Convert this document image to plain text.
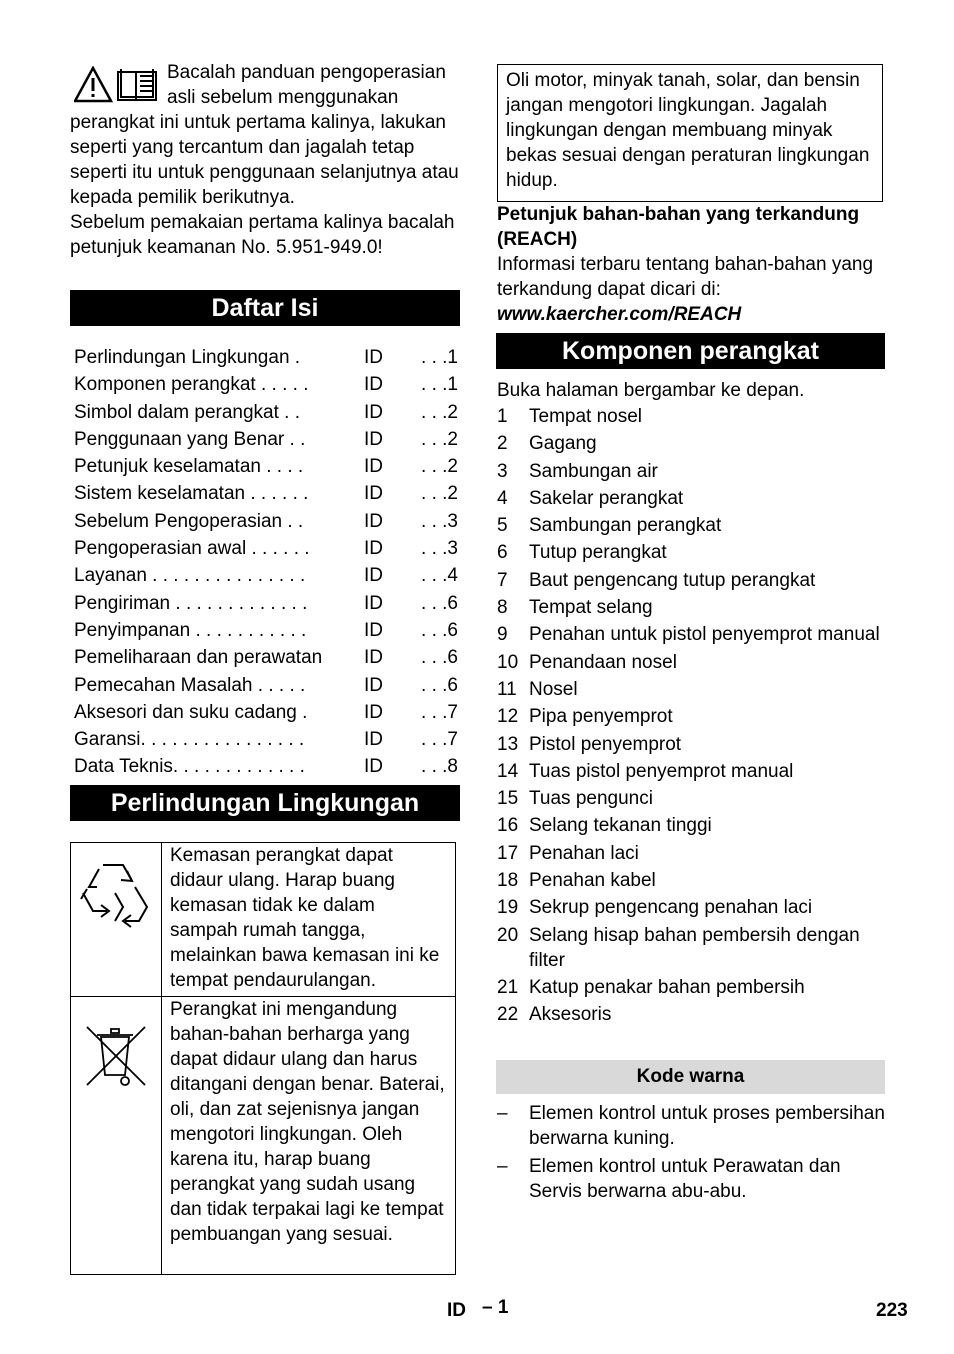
Bacalah panduan pengoperasian
asli sebelum menggunakan
perangkat ini untuk pertama kalinya, lakukan seperti yang tercantum dan jagalah tetap seperti itu untuk penggunaan selanjutnya atau kepada pemilik berikutnya.
Sebelum pemakaian pertama kalinya bacalah petunjuk keamanan No. 5.951-949.0!
Daftar Isi
Perlindungan Lingkungan .	ID	. . .1
Komponen perangkat . . . . .	ID	. . .1
Simbol dalam perangkat . .	ID	. . .2
Penggunaan yang Benar . .	ID	. . .2
Petunjuk keselamatan . . . .	ID	. . .2
Sistem keselamatan . . . . . .	ID	. . .2
Sebelum Pengoperasian . .	ID	. . .3
Pengoperasian awal . . . . . .	ID	. . .3
Layanan . . . . . . . . . . . . . . .	ID	. . .4
Pengiriman . . . . . . . . . . . . .	ID	. . .6
Penyimpanan . . . . . . . . . . .	ID	. . .6
Pemeliharaan dan perawatan	ID	. . .6
Pemecahan Masalah . . . . .	ID	. . .6
Aksesori dan suku cadang .	ID	. . .7
Garansi. . . . . . . . . . . . . . . .	ID	. . .7
Data Teknis. . . . . . . . . . . . .	ID	. . .8
Perlindungan Lingkungan
	Kemasan perangkat dapat didaur ulang. Harap buang kemasan tidak ke dalam sampah rumah tangga, melainkan bawa kemasan ini ke tempat pendaurulangan.
	Perangkat ini mengandung bahan-bahan berharga yang dapat didaur ulang dan harus ditangani dengan benar. Baterai, oli, dan zat sejenisnya jangan mengotori lingkungan. Oleh karena itu, harap buang perangkat yang sudah usang dan tidak terpakai lagi ke tempat pembuangan yang sesuai.
Oli motor, minyak tanah, solar, dan bensin jangan mengotori lingkungan. Jagalah lingkungan dengan membuang minyak bekas sesuai dengan peraturan lingkungan hidup.
Petunjuk bahan-bahan yang terkandung (REACH)
Informasi terbaru tentang bahan-bahan yang terkandung dapat dicari di:
www.kaercher.com/REACH
Komponen perangkat
Buka halaman bergambar ke depan.
1	Tempat nosel
2	Gagang
3	Sambungan air
4	Sakelar perangkat
5	Sambungan perangkat
6	Tutup perangkat
7	Baut pengencang tutup perangkat
8	Tempat selang
9	Penahan untuk pistol penyemprot manual
10 Penandaan nosel
11 Nosel
12 Pipa penyemprot
13 Pistol penyemprot
14 Tuas pistol penyemprot manual
15 Tuas pengunci
16 Selang tekanan tinggi
17 Penahan laci
18 Penahan kabel
19 Sekrup pengencang penahan laci
20 Selang hisap bahan pembersih dengan filter
21 Katup penakar bahan pembersih
22 Aksesoris
Kode warna
–	Elemen kontrol untuk proses pembersihan berwarna kuning.
–	Elemen kontrol untuk Perawatan dan Servis berwarna abu-abu.
ID – 1	223
